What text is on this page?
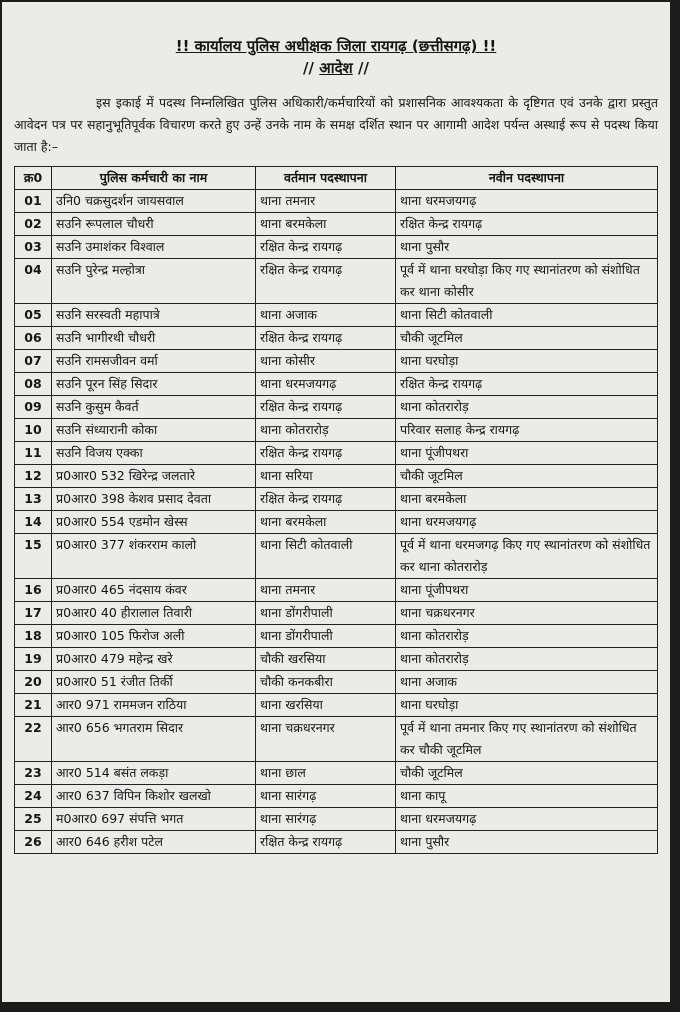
!! कार्यालय पुलिस अधीक्षक जिला रायगढ़ (छत्तीसगढ़) !!

// आदेश //

इस इकाई में पदस्थ निम्नलिखित पुलिस अधिकारी/कर्मचारियों को प्रशासनिक आवश्यकता के दृष्टिगत एवं उनके द्वारा प्रस्तुत आवेदन पत्र पर सहानुभूतिपूर्वक विचारण करते हुए उन्हें उनके नाम के समक्ष दर्शित स्थान पर आगामी आदेश पर्यन्त अस्थाई रूप से पदस्थ किया जाता है:–

क्र0	पुलिस कर्मचारी का नाम	वर्तमान पदस्थापना	नवीन पदस्थापना
01	उनि0 चक्रसुदर्शन जायसवाल	थाना तमनार	थाना धरमजयगढ़
02	सउनि रूपलाल चौधरी	थाना बरमकेला	रक्षित केन्द्र रायगढ़
03	सउनि उमाशंकर विश्वाल	रक्षित केन्द्र रायगढ़	थाना पुसौर
04	सउनि पुरेन्द्र मल्होत्रा	रक्षित केन्द्र रायगढ़	पूर्व में थाना घरघोड़ा किए गए स्थानांतरण को संशोधित कर थाना कोसीर
05	सउनि सरस्वती महापात्रे	थाना अजाक	थाना सिटी कोतवाली
06	सउनि भागीरथी चौधरी	रक्षित केन्द्र रायगढ़	चौकी जूटमिल
07	सउनि रामसजीवन वर्मा	थाना कोसीर	थाना घरघोड़ा
08	सउनि पूरन सिंह सिदार	थाना धरमजयगढ़	रक्षित केन्द्र रायगढ़
09	सउनि कुसुम कैवर्त	रक्षित केन्द्र रायगढ़	थाना कोतरारोड़
10	सउनि संध्यारानी कोका	थाना कोतरारोड़	परिवार सलाह केन्द्र रायगढ़
11	सउनि विजय एक्का	रक्षित केन्द्र रायगढ़	थाना पूंजीपथरा
12	प्र0आर0 532 खिरेन्द्र जलतारे	थाना सरिया	चौकी जूटमिल
13	प्र0आर0 398 केशव प्रसाद देवता	रक्षित केन्द्र रायगढ़	थाना बरमकेला
14	प्र0आर0 554 एडमोन खेस्स	थाना बरमकेला	थाना धरमजयगढ़
15	प्र0आर0 377 शंकरराम कालो	थाना सिटी कोतवाली	पूर्व में थाना धरमजगढ़ किए गए स्थानांतरण को संशोधित कर थाना कोतरारोड़
16	प्र0आर0 465 नंदसाय कंवर	थाना तमनार	थाना पूंजीपथरा
17	प्र0आर0 40 हीरालाल तिवारी	थाना डोंगरीपाली	थाना चक्रधरनगर
18	प्र0आर0 105 फिरोज अली	थाना डोंगरीपाली	थाना कोतरारोड़
19	प्र0आर0 479 महेन्द्र खरे	चौकी खरसिया	थाना कोतरारोड़
20	प्र0आर0 51 रंजीत तिर्की	चौकी कनकबीरा	थाना अजाक
21	आर0 971 राममजन राठिया	थाना खरसिया	थाना घरघोड़ा
22	आर0 656 भगतराम सिदार	थाना चक्रधरनगर	पूर्व में थाना तमनार किए गए स्थानांतरण को संशोधित कर चौकी जूटमिल
23	आर0 514 बसंत लकड़ा	थाना छाल	चौकी जूटमिल
24	आर0 637 विपिन किशोर खलखो	थाना सारंगढ़	थाना कापू
25	म0आर0 697 संपत्ति भगत	थाना सारंगढ़	थाना धरमजयगढ़
26	आर0 646 हरीश पटेल	रक्षित केन्द्र रायगढ़	थाना पुसौर
